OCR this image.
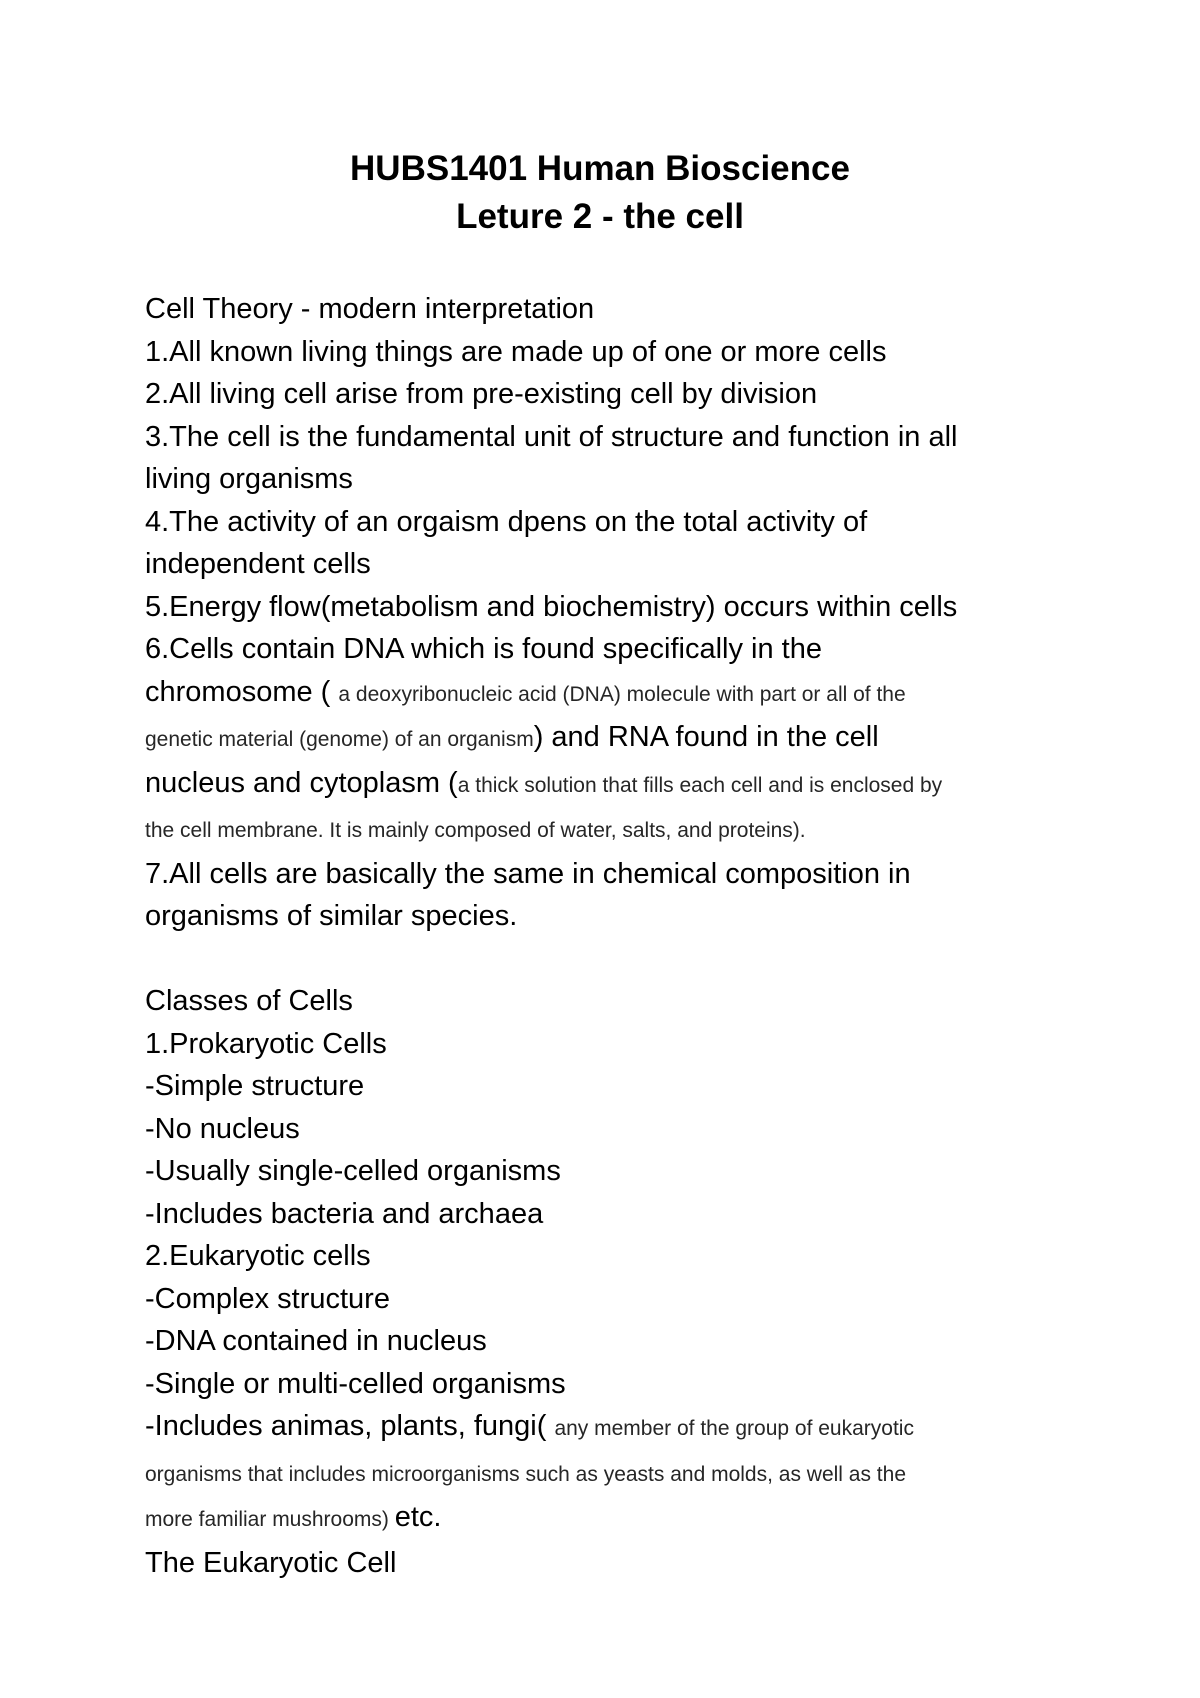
HUBS1401 Human Bioscience
Leture 2 - the cell

Cell Theory - modern interpretation

1.All known living things are made up of one or more cells

2.All living cell arise from pre-existing cell by division

3.The cell is the fundamental unit of structure and function in all

living organisms

4.The activity of an orgaism dpens on the total activity of

independent cells

5.Energy flow(metabolism and biochemistry) occurs within cells

6.Cells contain DNA which is found specifically in the

chromosome ( a deoxyribonucleic acid (DNA) molecule with part or all of the

genetic material (genome) of an organism) and RNA found in the cell

nucleus and cytoplasm (a thick solution that fills each cell and is enclosed by

the cell membrane. It is mainly composed of water, salts, and proteins).

7.All cells are basically the same in chemical composition in

organisms of similar species.

Classes of Cells

1.Prokaryotic Cells

-Simple structure

-No nucleus

-Usually single-celled organisms

-Includes bacteria and archaea

2.Eukaryotic cells

-Complex structure

-DNA contained in nucleus

-Single or multi-celled organisms

-Includes animas, plants, fungi( any member of the group of eukaryotic

organisms that includes microorganisms such as yeasts and molds, as well as the

more familiar mushrooms) etc.

The Eukaryotic Cell
